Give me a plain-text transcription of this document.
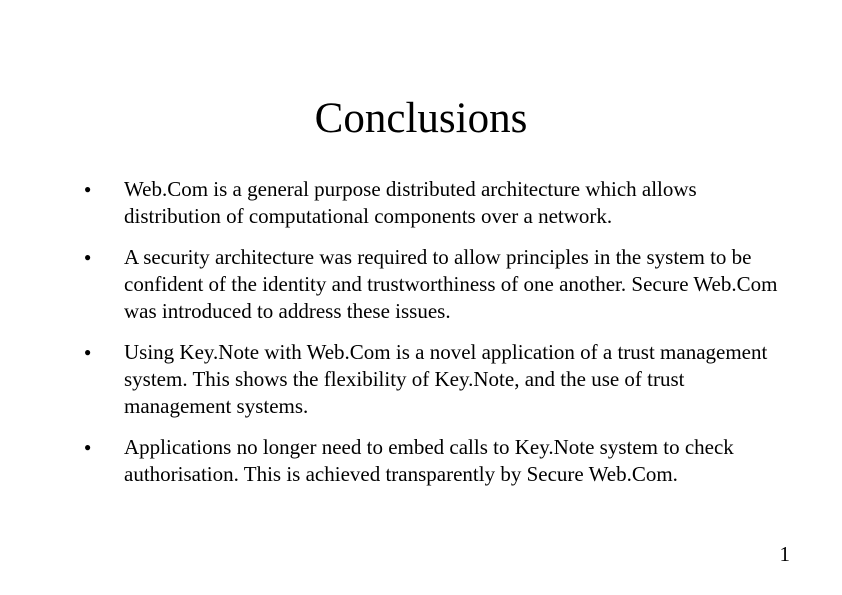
Conclusions
● Web.Com is a general purpose distributed architecture which allows distribution of computational components over a network.
● A security architecture was required to allow principles in the system to be confident of the identity and trustworthiness of one another. Secure Web.Com was introduced to address these issues.
● Using Key.Note with Web.Com is a novel application of a trust management system. This shows the flexibility of Key.Note, and the use of trust management systems.
● Applications no longer need to embed calls to Key.Note system to check authorisation. This is achieved transparently by Secure Web.Com.
1
